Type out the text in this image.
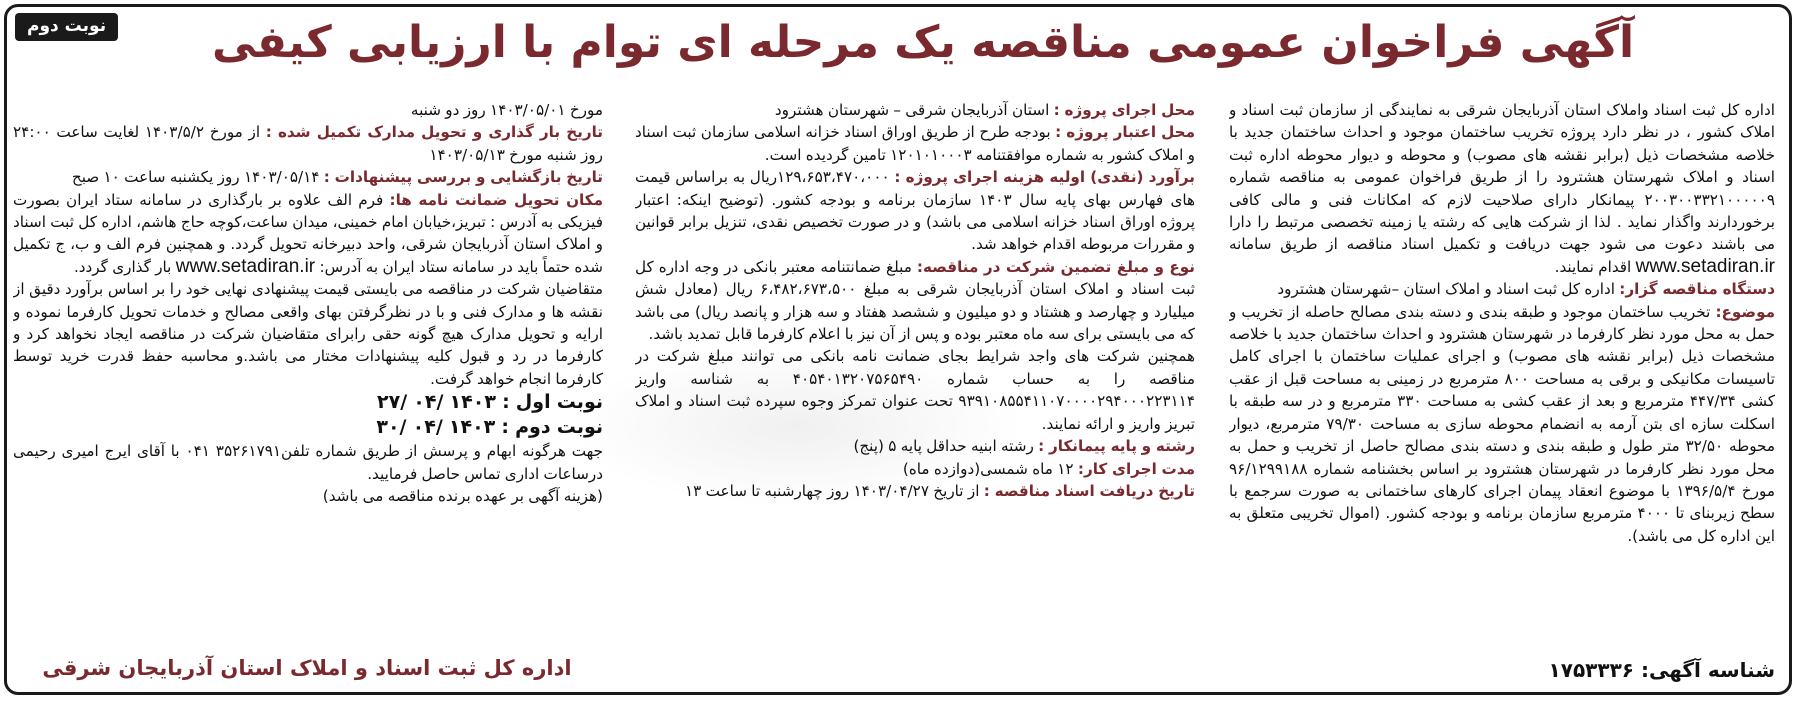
نوبت دوم	آگهی فراخوان عمومی مناقصه یک مرحله ای توام با ارزیابی کیفی

اداره کل ثبت اسناد واملاک استان آذربایجان شرقی به نمایندگی از سازمان ثبت اسناد و املاک کشور ، در نظر دارد پروژه تخریب ساختمان موجود و احداث ساختمان جدید با خلاصه مشخصات ذیل (برابر نقشه های مصوب) و محوطه و دیوار محوطه اداره ثبت اسناد و املاک شهرستان هشترود را از طریق فراخوان عمومی به مناقصه شماره ۲۰۰۳۰۰۳۳۲۱۰۰۰۰۰۹ پیمانکار دارای صلاحیت لازم که امکانات فنی و مالی کافی برخوردارند واگذار نماید . لذا از شرکت هایی که رشته یا زمینه تخصصی مرتبط را دارا می باشند دعوت می شود جهت دریافت و تکمیل اسناد مناقصه از طریق سامانه www.setadiran.ir اقدام نمایند.

دستگاه مناقصه گزار: اداره کل ثبت اسناد و املاک استان –شهرستان هشترود

موضوع: تخریب ساختمان موجود و طبقه بندی و دسته بندی مصالح حاصله از تخریب و حمل به محل مورد نظر کارفرما در شهرستان هشترود و احداث ساختمان جدید با خلاصه مشخصات ذیل (برابر نقشه های مصوب) و اجرای عملیات ساختمان با اجرای کامل تاسیسات مکانیکی و برقی به مساحت ۸۰۰ مترمربع در زمینی به مساحت قبل از عقب کشی ۴۴۷/۳۴ مترمربع و بعد از عقب کشی به مساحت ۳۳۰ مترمربع و در سه طبقه با اسکلت سازه ای بتن آرمه به انضمام محوطه سازی به مساحت ۷۹/۳۰ مترمربع، دیوار محوطه ۳۲/۵۰ متر طول و طبقه بندی و دسته بندی مصالح حاصل از تخریب و حمل به محل مورد نظر کارفرما در شهرستان هشترود بر اساس بخشنامه شماره ۹۶/۱۲۹۹۱۸۸ مورخ ۱۳۹۶/۵/۴ با موضوع انعقاد پیمان اجرای کارهای ساختمانی به صورت سرجمع با سطح زیربنای تا ۴۰۰۰ مترمربع سازمان برنامه و بودجه کشور. (اموال تخریبی متعلق به این اداره کل می باشد).

محل اجرای پروژه : استان آذربایجان شرقی – شهرستان هشترود

محل اعتبار پروژه : بودجه طرح از طریق اوراق اسناد خزانه اسلامی سازمان ثبت اسناد و املاک کشور به شماره موافقتنامه ۱۲۰۱۰۱۰۰۰۳ تامین گردیده است.

برآورد (نقدی) اولیه هزینه اجرای پروژه : ۱۲۹،۶۵۳،۴۷۰،۰۰۰ریال به براساس قیمت های فهارس بهای پایه سال ۱۴۰۳ سازمان برنامه و بودجه کشور. (توضیح اینکه: اعتبار پروژه اوراق اسناد خزانه اسلامی می باشد) و در صورت تخصیص نقدی، تنزیل برابر قوانین و مقررات مربوطه اقدام خواهد شد.

نوع و مبلغ تضمین شرکت در مناقصه: مبلغ ضمانتنامه معتبر بانکی در وجه اداره کل ثبت اسناد و املاک استان آذربایجان شرقی به مبلغ ۶،۴۸۲،۶۷۳،۵۰۰ ریال (معادل شش میلیارد و چهارصد و هشتاد و دو میلیون و ششصد هفتاد و سه هزار و پانصد ریال) می باشد که می بایستی برای سه ماه معتبر بوده و پس از آن نیز با اعلام کارفرما قابل تمدید باشد.

همچنین شرکت های واجد شرایط بجای ضمانت نامه بانکی می توانند مبلغ شرکت در مناقصه را به حساب شماره ۴۰۵۴۰۱۳۲۰۷۵۶۵۴۹۰ به شناسه واریز ۹۳۹۱۰۸۵۵۴۱۱۰۷۰۰۰۰۲۹۴۰۰۰۲۲۳۱۱۴ تحت عنوان تمرکز وجوه سپرده ثبت اسناد و املاک تبریز واریز و ارائه نمایند.

رشته و پایه پیمانکار : رشته ابنیه حداقل پایه ۵ (پنج)

مدت اجرای کار: ۱۲ ماه شمسی(دوازده ماه)

تاریخ دریافت اسناد مناقصه : از تاریخ ۱۴۰۳/۰۴/۲۷ روز چهارشنبه تا ساعت ۱۳

مورخ ۱۴۰۳/۰۵/۰۱ روز دو شنبه

تاریخ بار گذاری و تحویل مدارک تکمیل شده : از مورخ ۱۴۰۳/۵/۲ لغایت ساعت ۲۴:۰۰ روز شنبه مورخ ۱۴۰۳/۰۵/۱۳

تاریخ بازگشایی و بررسی پیشنهادات : ۱۴۰۳/۰۵/۱۴ روز یکشنبه ساعت ۱۰ صبح

مکان تحویل ضمانت نامه ها: فرم الف علاوه بر بارگذاری در سامانه ستاد ایران بصورت فیزیکی به آدرس : تبریز،خیابان امام خمینی، میدان ساعت،کوچه حاج هاشم، اداره کل ثبت اسناد و املاک استان آذربایجان شرقی، واحد دبیرخانه تحویل گردد. و همچنین فرم الف و ب، ج تکمیل شده حتماً باید در سامانه ستاد ایران به آدرس: www.setadiran.ir بار گذاری گردد.

متقاضیان شرکت در مناقصه می بایستی قیمت پیشنهادی نهایی خود را بر اساس برآورد دقیق از نقشه ها و مدارک فنی و با در نظرگرفتن بهای واقعی مصالح و خدمات تحویل کارفرما نموده و ارایه و تحویل مدارک هیچ گونه حقی رابرای متقاضیان شرکت در مناقصه ایجاد نخواهد کرد و کارفرما در رد و قبول کلیه پیشنهادات مختار می باشد.و محاسبه حفظ قدرت خرید توسط کارفرما انجام خواهد گرفت.

نوبت اول : ۱۴۰۳ /۰۴ /۲۷

نوبت دوم : ۱۴۰۳ /۰۴ /۳۰

جهت هرگونه ابهام و پرسش از طریق شماره تلفن۳۵۲۶۱۷۹۱ ۰۴۱ با آقای ایرج امیری رحیمی درساعات اداری تماس حاصل فرمایید.

(هزینه آگهی بر عهده برنده مناقصه می باشد)

شناسه آگهی: ۱۷۵۳۳۳۶
اداره کل ثبت اسناد و املاک استان آذربایجان شرقی
